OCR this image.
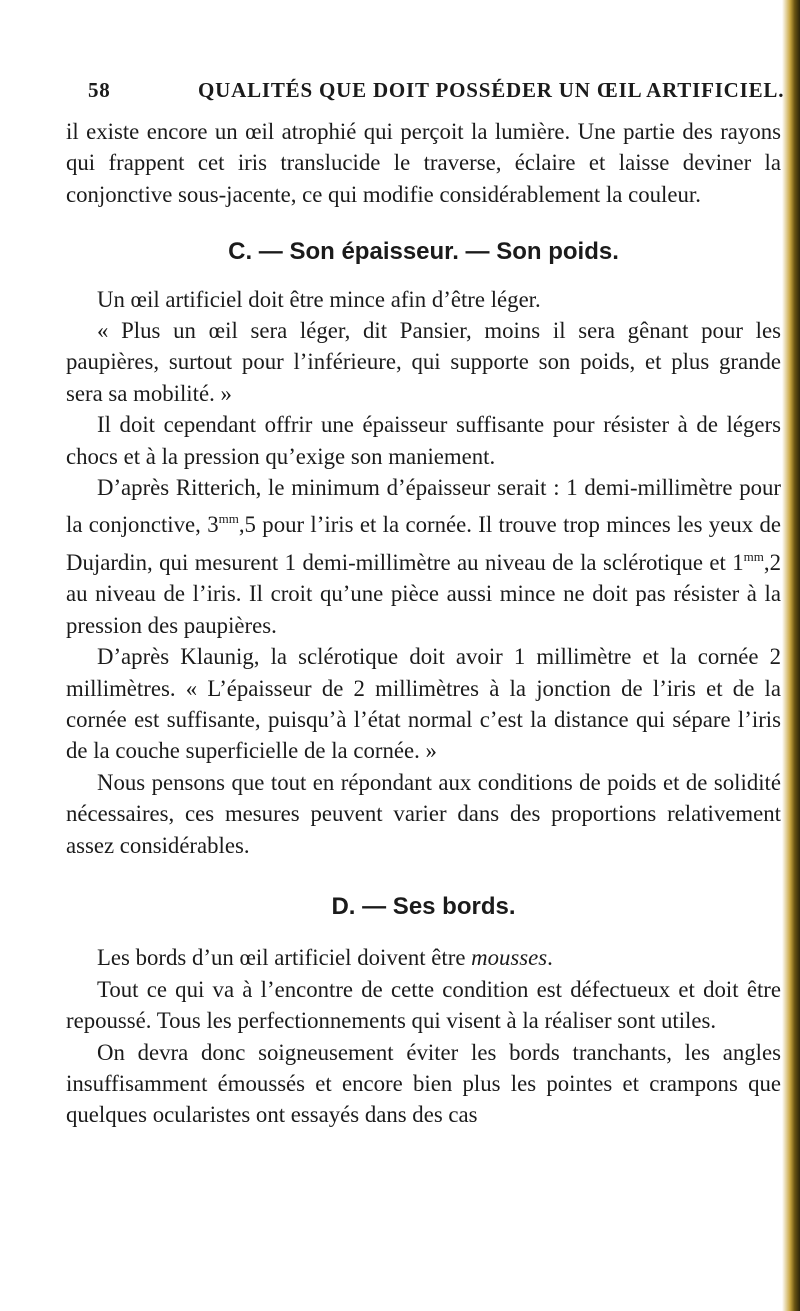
58	QUALITÉS QUE DOIT POSSÉDER UN ŒIL ARTIFICIEL.

il existe encore un œil atrophié qui perçoit la lumière. Une partie des rayons qui frappent cet iris translucide le traverse, éclaire et laisse deviner la conjonctive sous-jacente, ce qui modifie considérablement la couleur.

C. — Son épaisseur. — Son poids.

Un œil artificiel doit être mince afin d’être léger.

« Plus un œil sera léger, dit Pansier, moins il sera gênant pour les paupières, surtout pour l’inférieure, qui supporte son poids, et plus grande sera sa mobilité. »

Il doit cependant offrir une épaisseur suffisante pour résister à de légers chocs et à la pression qu’exige son maniement.

D’après Ritterich, le minimum d’épaisseur serait : 1 demi-millimètre pour la conjonctive, $3^{mm},5$ pour l’iris et la cornée. Il trouve trop minces les yeux de Dujardin, qui mesurent 1 demi-millimètre au niveau de la sclérotique et $1^{mm},2$ au niveau de l’iris. Il croit qu’une pièce aussi mince ne doit pas résister à la pression des paupières.

D’après Klaunig, la sclérotique doit avoir 1 millimètre et la cornée 2 millimètres. « L’épaisseur de 2 millimètres à la jonction de l’iris et de la cornée est suffisante, puisqu’à l’état normal c’est la distance qui sépare l’iris de la couche superficielle de la cornée. »

Nous pensons que tout en répondant aux conditions de poids et de solidité nécessaires, ces mesures peuvent varier dans des proportions relativement assez considérables.

D. — Ses bords.

Les bords d’un œil artificiel doivent être mousses.

Tout ce qui va à l’encontre de cette condition est défectueux et doit être repoussé. Tous les perfectionnements qui visent à la réaliser sont utiles.

On devra donc soigneusement éviter les bords tranchants, les angles insuffisamment émoussés et encore bien plus les pointes et crampons que quelques ocularistes ont essayés dans des cas
